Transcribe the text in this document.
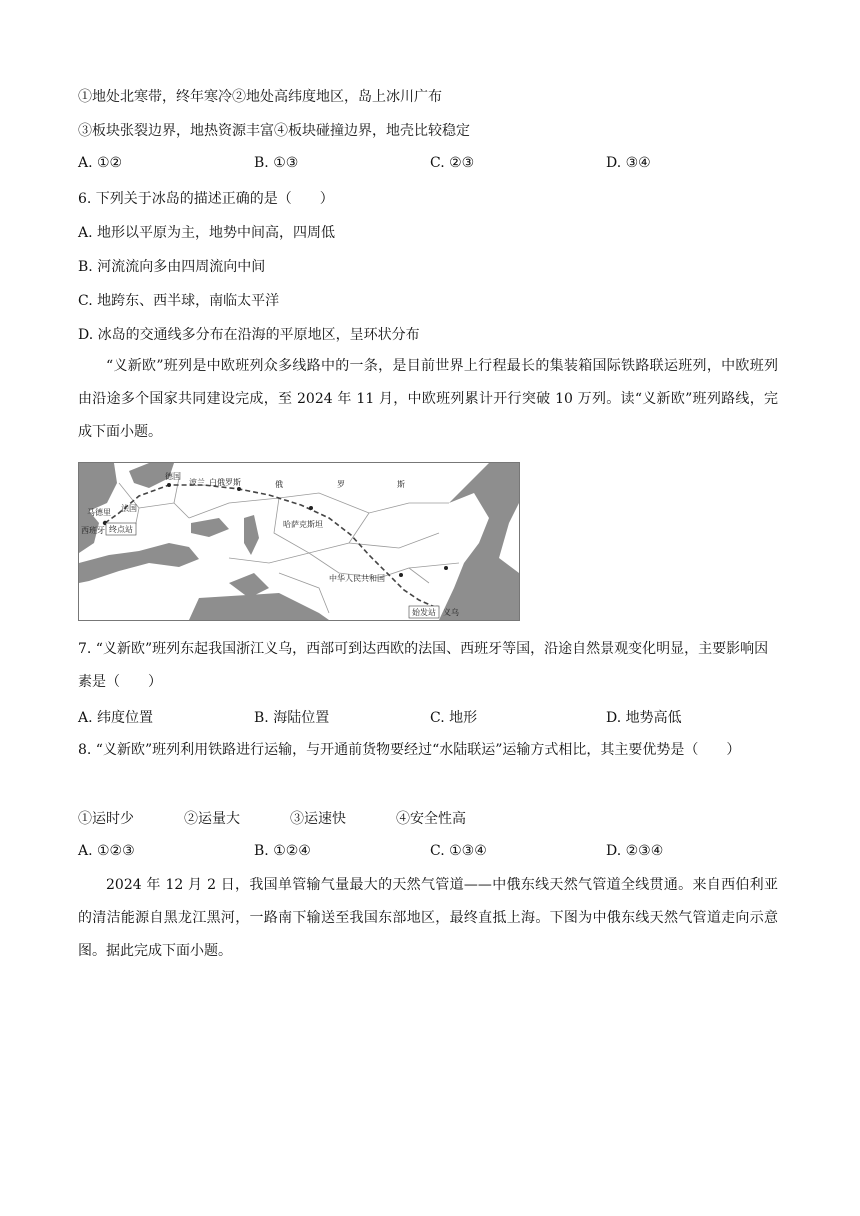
①地处北寒带，终年寒冷②地处高纬度地区，岛上冰川广布
③板块张裂边界，地热资源丰富④板块碰撞边界，地壳比较稳定
A. ①②	B. ①③	C. ②③	D. ③④
6. 下列关于冰岛的描述正确的是（　　）
A. 地形以平原为主，地势中间高，四周低
B. 河流流向多由四周流向中间
C. 地跨东、西半球，南临太平洋
D. 冰岛的交通线多分布在沿海的平原地区，呈环状分布
“义新欧”班列是中欧班列众多线路中的一条，是目前世界上行程最长的集装箱国际铁路联运班列，中欧班列由沿途多个国家共同建设完成，至 2024 年 11 月，中欧班列累计开行突破 10 万列。读“义新欧”班列路线，完成下面小题。
俄	罗	斯
哈萨克斯坦
中华人民共和国
波兰
德国
白俄罗斯
法国
马德里
西班牙 终点站
始发站 义乌
7. “义新欧”班列东起我国浙江义乌，西部可到达西欧的法国、西班牙等国，沿途自然景观变化明显，主要影响因素是（　　）
A. 纬度位置	B. 海陆位置	C. 地形	D. 地势高低
8. “义新欧”班列利用铁路进行运输，与开通前货物要经过“水陆联运”运输方式相比，其主要优势是（　　）
①运时少	②运量大	③运速快	④安全性高
A. ①②③	B. ①②④	C. ①③④	D. ②③④
2024 年 12 月 2 日，我国单管输气量最大的天然气管道——中俄东线天然气管道全线贯通。来自西伯利亚的清洁能源自黑龙江黑河，一路南下输送至我国东部地区，最终直抵上海。下图为中俄东线天然气管道走向示意图。据此完成下面小题。
